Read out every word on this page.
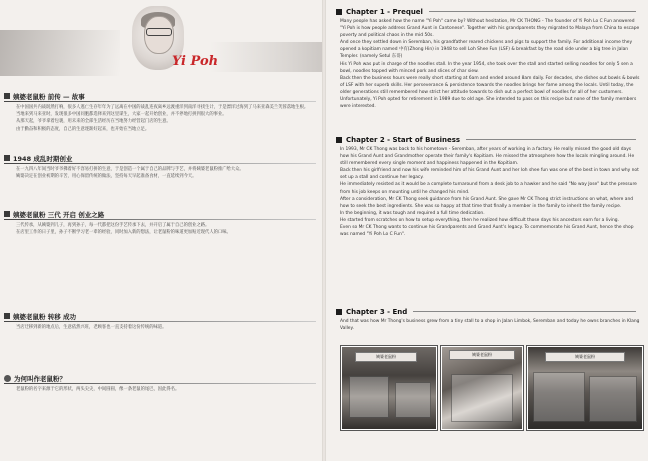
Yi Poh
姨婆老鼠粉 前传 — 故事
在中国国共内战既然打响，很多人逃亡生存年年为了远离在中国的战乱连夜离乡远渡重洋到南洋寻找生计，于是漂洋过海到了马来亚森美兰芙蓉落地生根。
当地来到马来亚时，发现很多中国同胞都选择来到这里谋生，大家一起开始创业，并不停地打拼到很大的事业。
从那天起，爷爷拿着包裹，用未来的全部生活经历在当地努力经营起门店的生意。
由于勤奋和积极的态度，自己的生意逐渐好起来，也开始在当地立足。
1948 成乱时期创业
在一九四八年间当时爷爷佛着好不容易打拼的生意，于是创造一个属于自己的品牌与手艺，并将姨婆老鼠粉推广给大众。
姨婆决定在创业初期的辛苦，用心保留传统的做法，坚持每天早起准备食材，一直延续到今天。
姨婆老鼠粉 三代 开启 创业之路
三代传承，从姨婆到儿子，再到孙子，每一代都把这份手艺传承下去，并开启了属于自己的创业之路。
在店里工作的日子里，孙子不断学习老一辈的经验，同时加入新的想法，让老鼠粉的味道更加贴近现代人的口味。
姨婆老鼠粉 转移 成功
当店迁移到新的地点后，生意依然兴旺，老顾客也一直支持着这份传统的味道。
为何叫作老鼠粉？
老鼠粉的名字来源于它的形状，两头尖尖，中间圆圆，像一条老鼠的尾巴，因此得名。
Chapter 1 - Prequel

Many people has asked how the name "Yi Poh" came by? Without hesitation, Mr CK THONG - The founder of Yi Poh Lo C Fun answered "Yi Poh is how people address Grand Aunt in Cantonese". Together with his grandparents they migrated to Malaya from China to escape poverty and political chaos in the mid 50s.

And once they settled down in Seremban, his grandfather reared chickens and pigs to support the family. For additional income they opened a kopitiam named 中有(Zhong Hin) in 1948 to sell Loh Shee Fun (LSF) & breakfast by the road side under a big tree in Jalan Templer. (namely Setul 东哥)

His Yi Poh was put in charge of the noodles stall. In the year 1954, she took over the stall and started selling noodles for only 5 sen a bowl, noodles topped with minced pork and slices of char siew.

Back then the business hours were really short starting at 6am and ended around 8am daily. For decades, she dishes out bowls & bowls of LSF with her superb skills. Her perseverance & persistence towards the noodles brings her fame among the locals. Until today, the older generations still remembered how strict her attitude towards to dish out a perfect bowl of noodles for all of her customers. Unfortunately, Yi Poh opted for retirement in 1989 due to old age. She intended to pass on this recipe but none of the family members were interested.

Chapter 2 - Start of Business

In 1993, Mr CK Thong was back to his hometown - Seremban, after years of working in a factory. He really missed the good old days how his Grand Aunt and Grandmother operate their family's Kopitiam. He missed the atmosphere how the locals mingling around. He still remembered every single moment and happiness happened in the Kopitiam.

Back then his girlfriend and now his wife reminded him of his Grand Aunt and her loh shee fun was one of the best in town and why not set up a stall and continue her legacy.

He immediately resisted as it would be a complete turnaround from a desk job to a hawker and he said "No way Jose" but the pressure from his job keeps on mounting until he changed his mind.

After a consideration, Mr CK Thong seek guidance from his Grand Aunt. She gave Mr CK Thong strict instructions on what, where and how to seek the best ingredients. She was so happy at that time that finally a member in the family to inherit the family recipe.

In the beginning, it was tough and required a full time dedication.

He started from scratches on how to setup everything, then he realized how difficult those days his ancestors earn for a living.

Even so Mr CK Thong wants to continue his Grandparents and Grand Aunt's legacy. To commemorate his Grand Aunt, hence the shop was named "Yi Poh Lo C Fun".

Chapter 3 - End

And that was how Mr Thong's business grew from a tiny stall to a shop in Jalan Limbok, Seremban and today he owns branches in Klang Valley.

姨婆老鼠粉	姨婆老鼠粉	姨婆老鼠粉
